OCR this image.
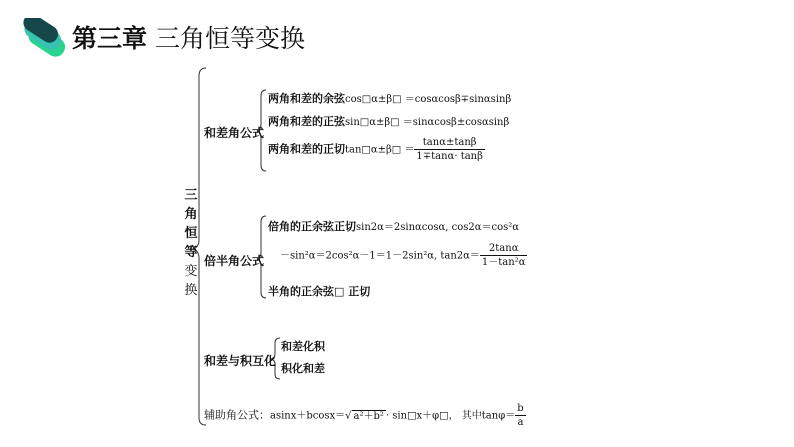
第三章 三角恒等变换
三
角
恒
等
变
换
和差角公式
两角和差的余弦cos□α±β□ ＝cosαcosβ∓sinαsinβ
两角和差的正弦sin□α±β□ ＝sinαcosβ±cosαsinβ
两角和差的正切tan□α±β□ ＝ $\frac{\tan\alpha\pm\tan\beta}{1\mp\tan\alpha\cdot \tan\beta}$
倍半角公式
倍角的正余弦正切sin2α＝2sinαcosα, cos2α＝cos²α
－sin²α＝2cos²α－1＝1－2sin²α, $\tan 2\alpha= \frac{2\tan\alpha}{\text{1－tan²α}}$
半角的正余弦□ 正切
和差与积互化
和差化积
积化和差
辅助角公式：asinx＋bcosx＝√ a²＋b² · sin□x＋φ□， 其中$\tan\varphi= \frac{b}{a}$
